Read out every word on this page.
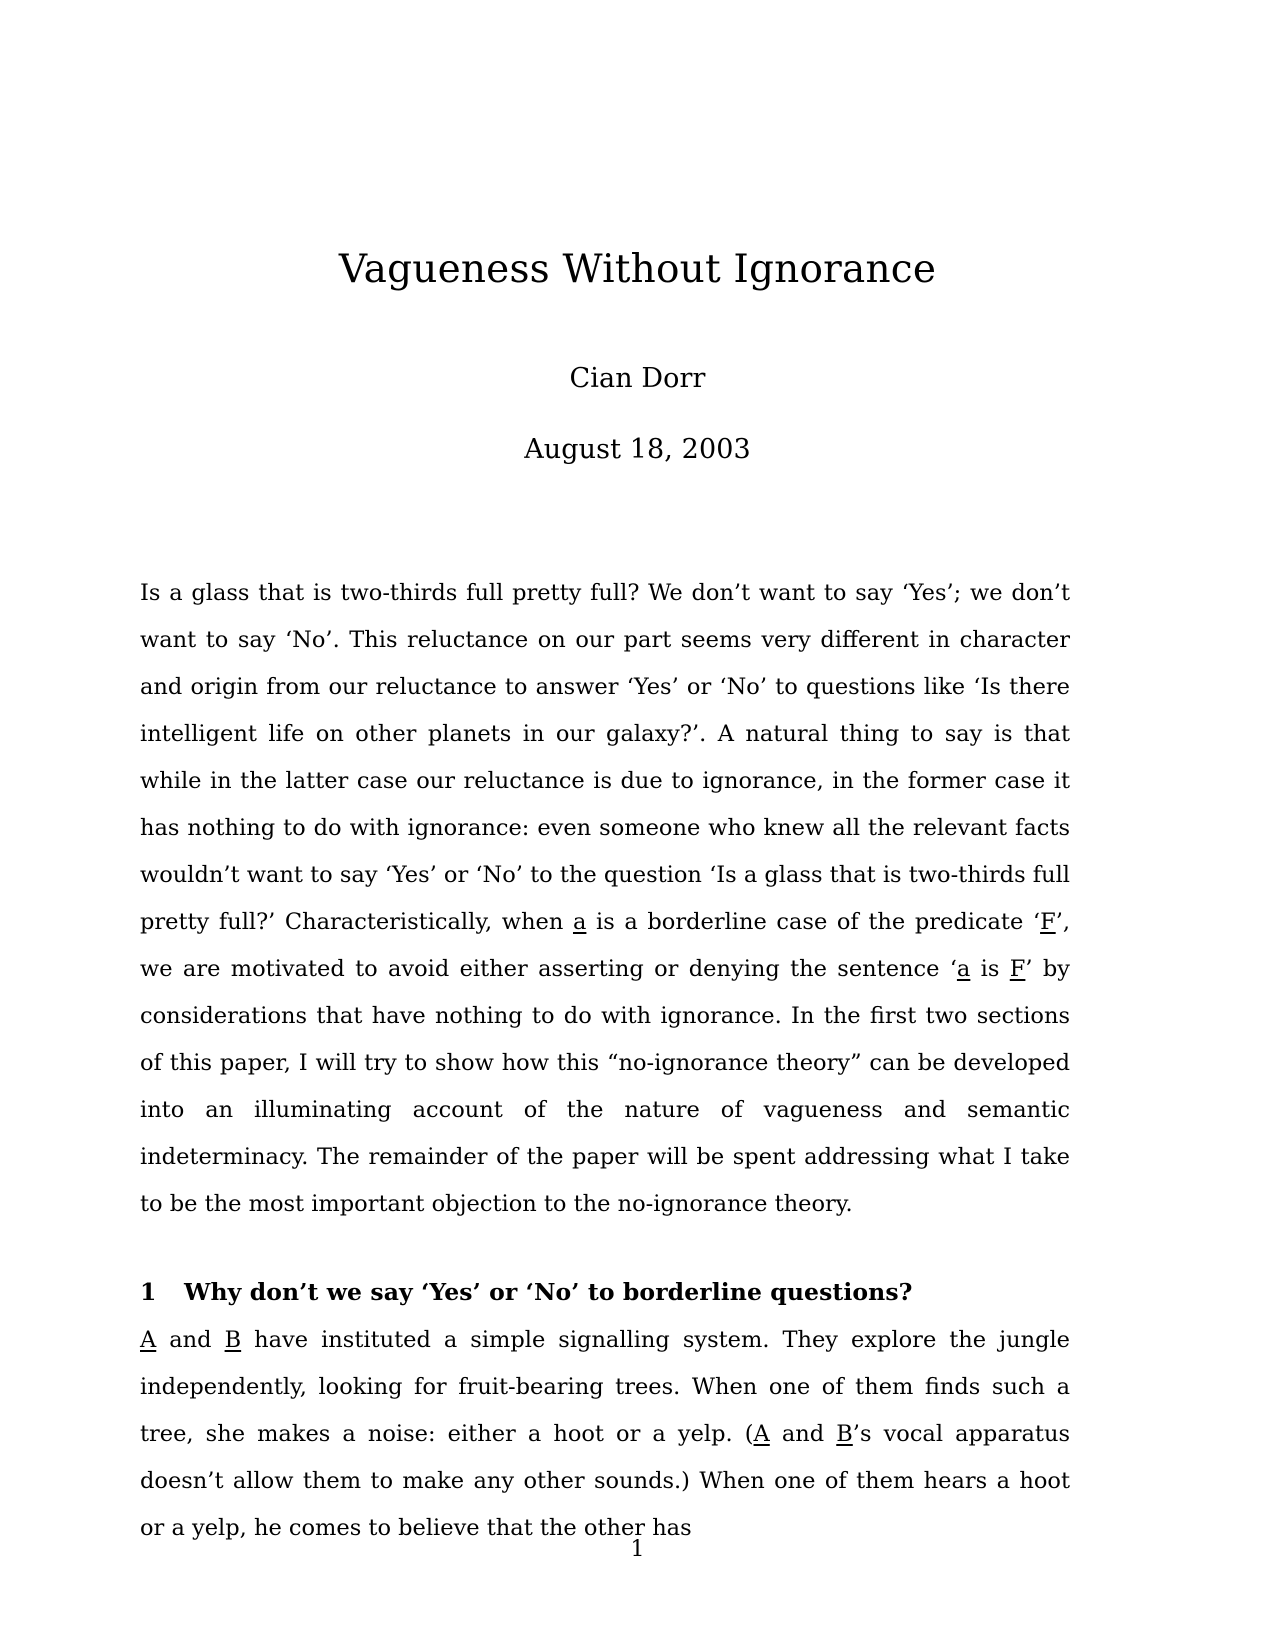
Vagueness Without Ignorance
Cian Dorr
August 18, 2003

Is a glass that is two-thirds full pretty full? We don’t want to say ‘Yes’; we don’t want to say ‘No’. This reluctance on our part seems very different in character and origin from our reluctance to answer ‘Yes’ or ‘No’ to questions like ‘Is there intelligent life on other planets in our galaxy?’. A natural thing to say is that while in the latter case our reluctance is due to ignorance, in the former case it has nothing to do with ignorance: even someone who knew all the relevant facts wouldn’t want to say ‘Yes’ or ‘No’ to the question ‘Is a glass that is two-thirds full pretty full?’ Characteristically, when a is a borderline case of the predicate ‘F’, we are motivated to avoid either asserting or denying the sentence ‘a is F’ by considerations that have nothing to do with ignorance. In the first two sections of this paper, I will try to show how this “no-ignorance theory” can be developed into an illuminating account of the nature of vagueness and semantic indeterminacy. The remainder of the paper will be spent addressing what I take to be the most important objection to the no-ignorance theory.

1 Why don’t we say ‘Yes’ or ‘No’ to borderline questions?

A and B have instituted a simple signalling system. They explore the jungle independently, looking for fruit-bearing trees. When one of them finds such a tree, she makes a noise: either a hoot or a yelp. (A and B’s vocal apparatus doesn’t allow them to make any other sounds.) When one of them hears a hoot or a yelp, he comes to believe that the other has

1
